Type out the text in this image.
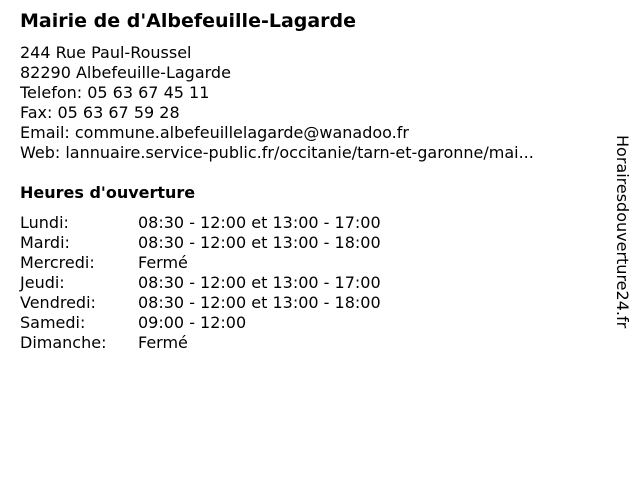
Mairie de d'Albefeuille-Lagarde
244 Rue Paul-Roussel
82290 Albefeuille-Lagarde
Telefon: 05 63 67 45 11
Fax: 05 63 67 59 28
Email: commune.albefeuillelagarde@wanadoo.fr
Web: lannuaire.service-public.fr/occitanie/tarn-et-garonne/mai...
Heures d'ouverture
Lundi:	08:30 - 12:00 et 13:00 - 17:00
Mardi:	08:30 - 12:00 et 13:00 - 18:00
Mercredi:	Fermé
Jeudi:	08:30 - 12:00 et 13:00 - 17:00
Vendredi:	08:30 - 12:00 et 13:00 - 18:00
Samedi:	09:00 - 12:00
Dimanche: Fermé
Horairesdouverture24.fr
